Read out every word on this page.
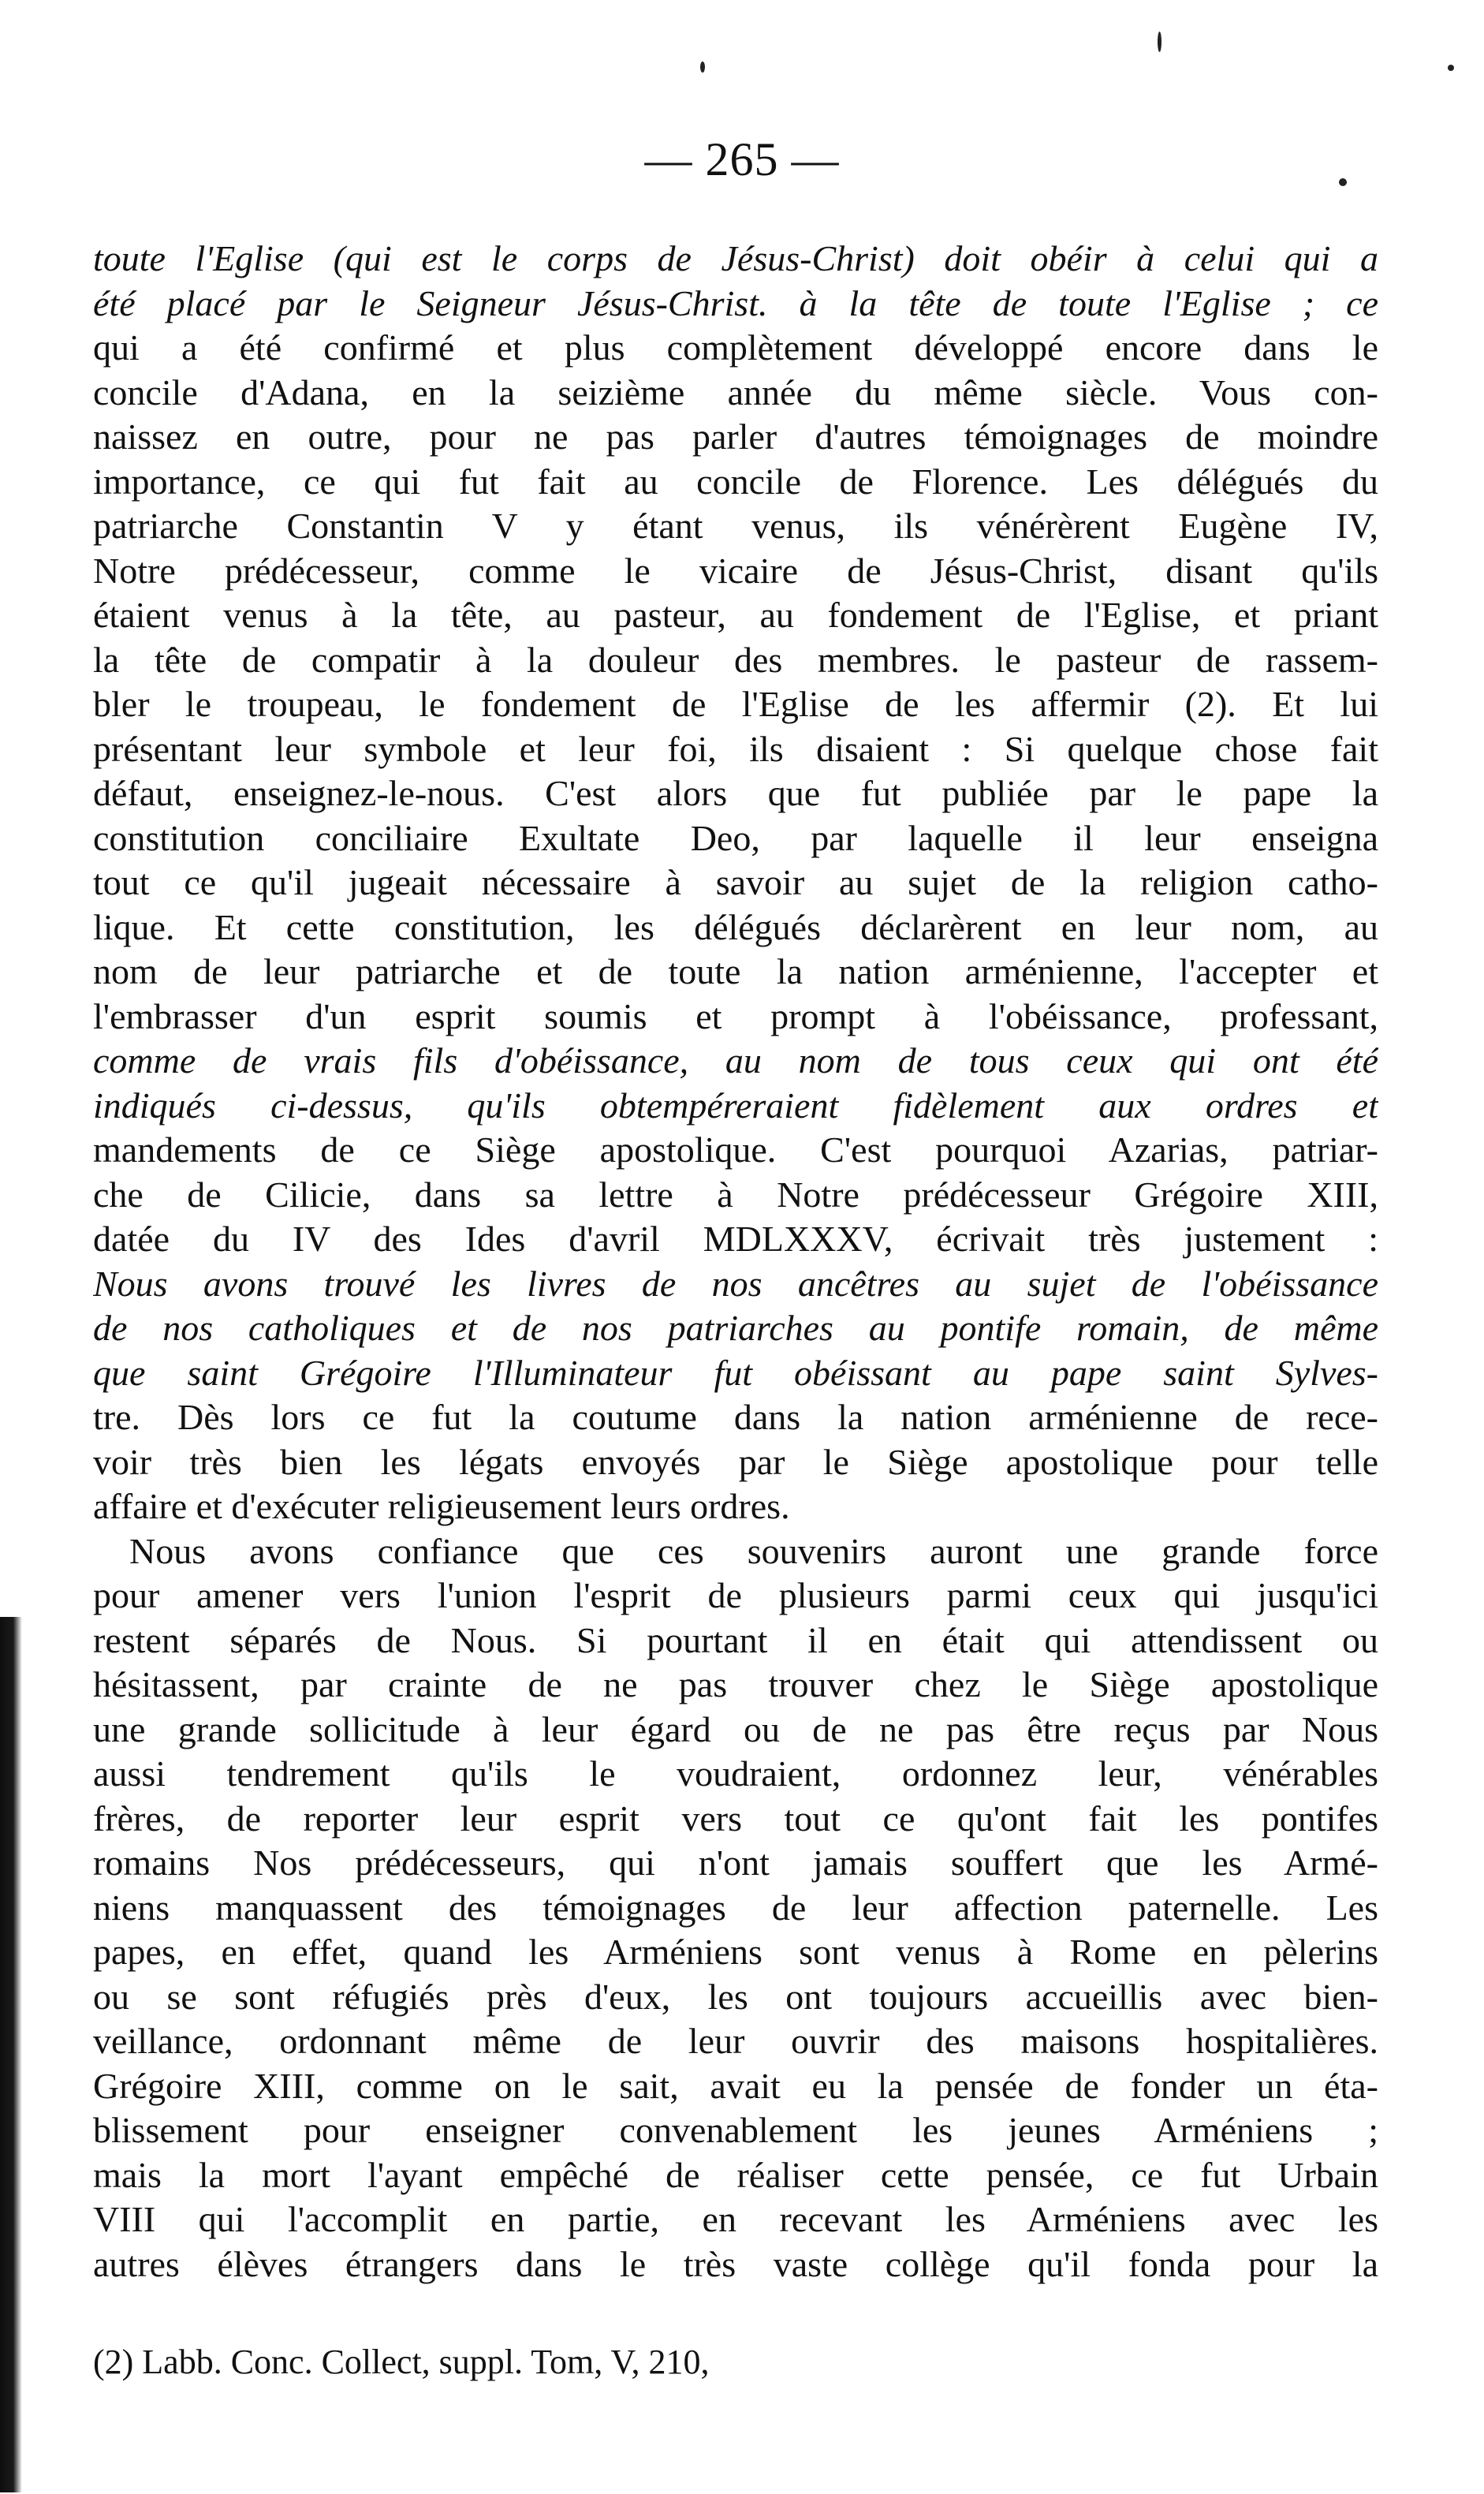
— 265 —
toute l'Eglise (qui est le corps de Jésus-Christ) doit obéir à celui qui a
été placé par le Seigneur Jésus-Christ. à la tête de toute l'Eglise ; ce
qui a été confirmé et plus complètement développé encore dans le
concile d'Adana, en la seizième année du même siècle. Vous con-
naissez en outre, pour ne pas parler d'autres témoignages de moindre
importance, ce qui fut fait au concile de Florence. Les délégués du
patriarche Constantin V y étant venus, ils vénérèrent Eugène IV,
Notre prédécesseur, comme le vicaire de Jésus-Christ, disant qu'ils
étaient venus à la tête, au pasteur, au fondement de l'Eglise, et priant
la tête de compatir à la douleur des membres. le pasteur de rassem-
bler le troupeau, le fondement de l'Eglise de les affermir (2). Et lui
présentant leur symbole et leur foi, ils disaient : Si quelque chose fait
défaut, enseignez-le-nous. C'est alors que fut publiée par le pape la
constitution conciliaire Exultate Deo, par laquelle il leur enseigna
tout ce qu'il jugeait nécessaire à savoir au sujet de la religion catho-
lique. Et cette constitution, les délégués déclarèrent en leur nom, au
nom de leur patriarche et de toute la nation arménienne, l'accepter et
l'embrasser d'un esprit soumis et prompt à l'obéissance, professant,
comme de vrais fils d'obéissance, au nom de tous ceux qui ont été
indiqués ci-dessus, qu'ils obtempéreraient fidèlement aux ordres et
mandements de ce Siège apostolique. C'est pourquoi Azarias, patriar-
che de Cilicie, dans sa lettre à Notre prédécesseur Grégoire XIII,
datée du IV des Ides d'avril MDLXXXV, écrivait très justement :
Nous avons trouvé les livres de nos ancêtres au sujet de l'obéissance
de nos catholiques et de nos patriarches au pontife romain, de même
que saint Grégoire l'Illuminateur fut obéissant au pape saint Sylves-
tre. Dès lors ce fut la coutume dans la nation arménienne de rece-
voir très bien les légats envoyés par le Siège apostolique pour telle
affaire et d'exécuter religieusement leurs ordres.
Nous avons confiance que ces souvenirs auront une grande force
pour amener vers l'union l'esprit de plusieurs parmi ceux qui jusqu'ici
restent séparés de Nous. Si pourtant il en était qui attendissent ou
hésitassent, par crainte de ne pas trouver chez le Siège apostolique
une grande sollicitude à leur égard ou de ne pas être reçus par Nous
aussi tendrement qu'ils le voudraient, ordonnez leur, vénérables
frères, de reporter leur esprit vers tout ce qu'ont fait les pontifes
romains Nos prédécesseurs, qui n'ont jamais souffert que les Armé-
niens manquassent des témoignages de leur affection paternelle. Les
papes, en effet, quand les Arméniens sont venus à Rome en pèlerins
ou se sont réfugiés près d'eux, les ont toujours accueillis avec bien-
veillance, ordonnant même de leur ouvrir des maisons hospitalières.
Grégoire XIII, comme on le sait, avait eu la pensée de fonder un éta-
blissement pour enseigner convenablement les jeunes Arméniens ;
mais la mort l'ayant empêché de réaliser cette pensée, ce fut Urbain
VIII qui l'accomplit en partie, en recevant les Arméniens avec les
autres élèves étrangers dans le très vaste collège qu'il fonda pour la
(2) Labb. Conc. Collect, suppl. Tom, V, 210,
